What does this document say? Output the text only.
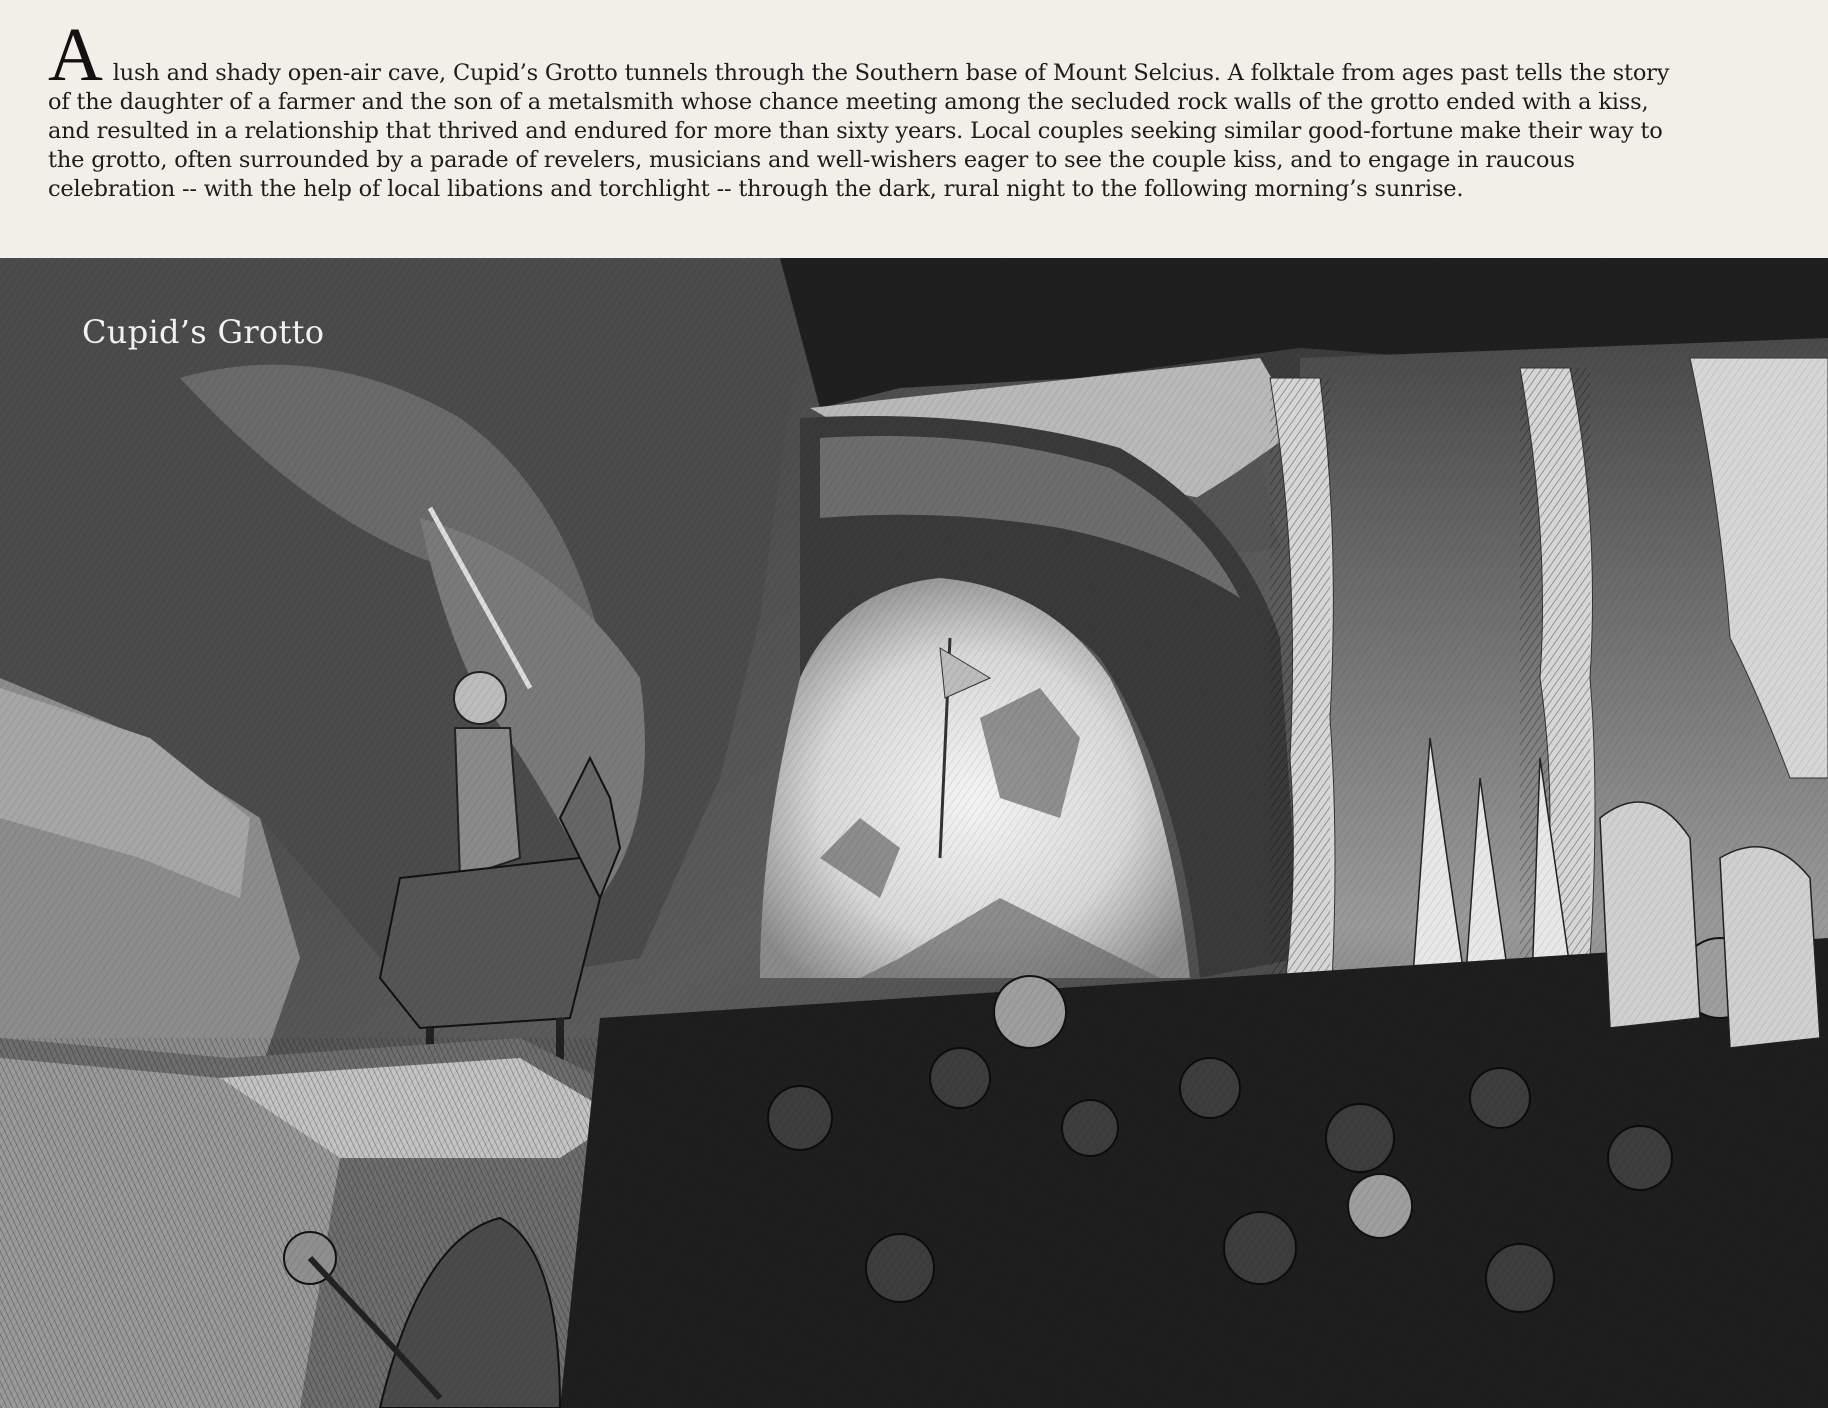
A lush and shady open-air cave, Cupid’s Grotto tunnels through the Southern base of Mount Selcius. A folktale from ages past tells the story
of the daughter of a farmer and the son of a metalsmith whose chance meeting among the secluded rock walls of the grotto ended with a kiss,
and resulted in a relationship that thrived and endured for more than sixty years. Local couples seeking similar good-fortune make their way to
the grotto, often surrounded by a parade of revelers, musicians and well-wishers eager to see the couple kiss, and to engage in raucous
celebration -- with the help of local libations and torchlight -- through the dark, rural night to the following morning’s sunrise.

Cupid’s Grotto
